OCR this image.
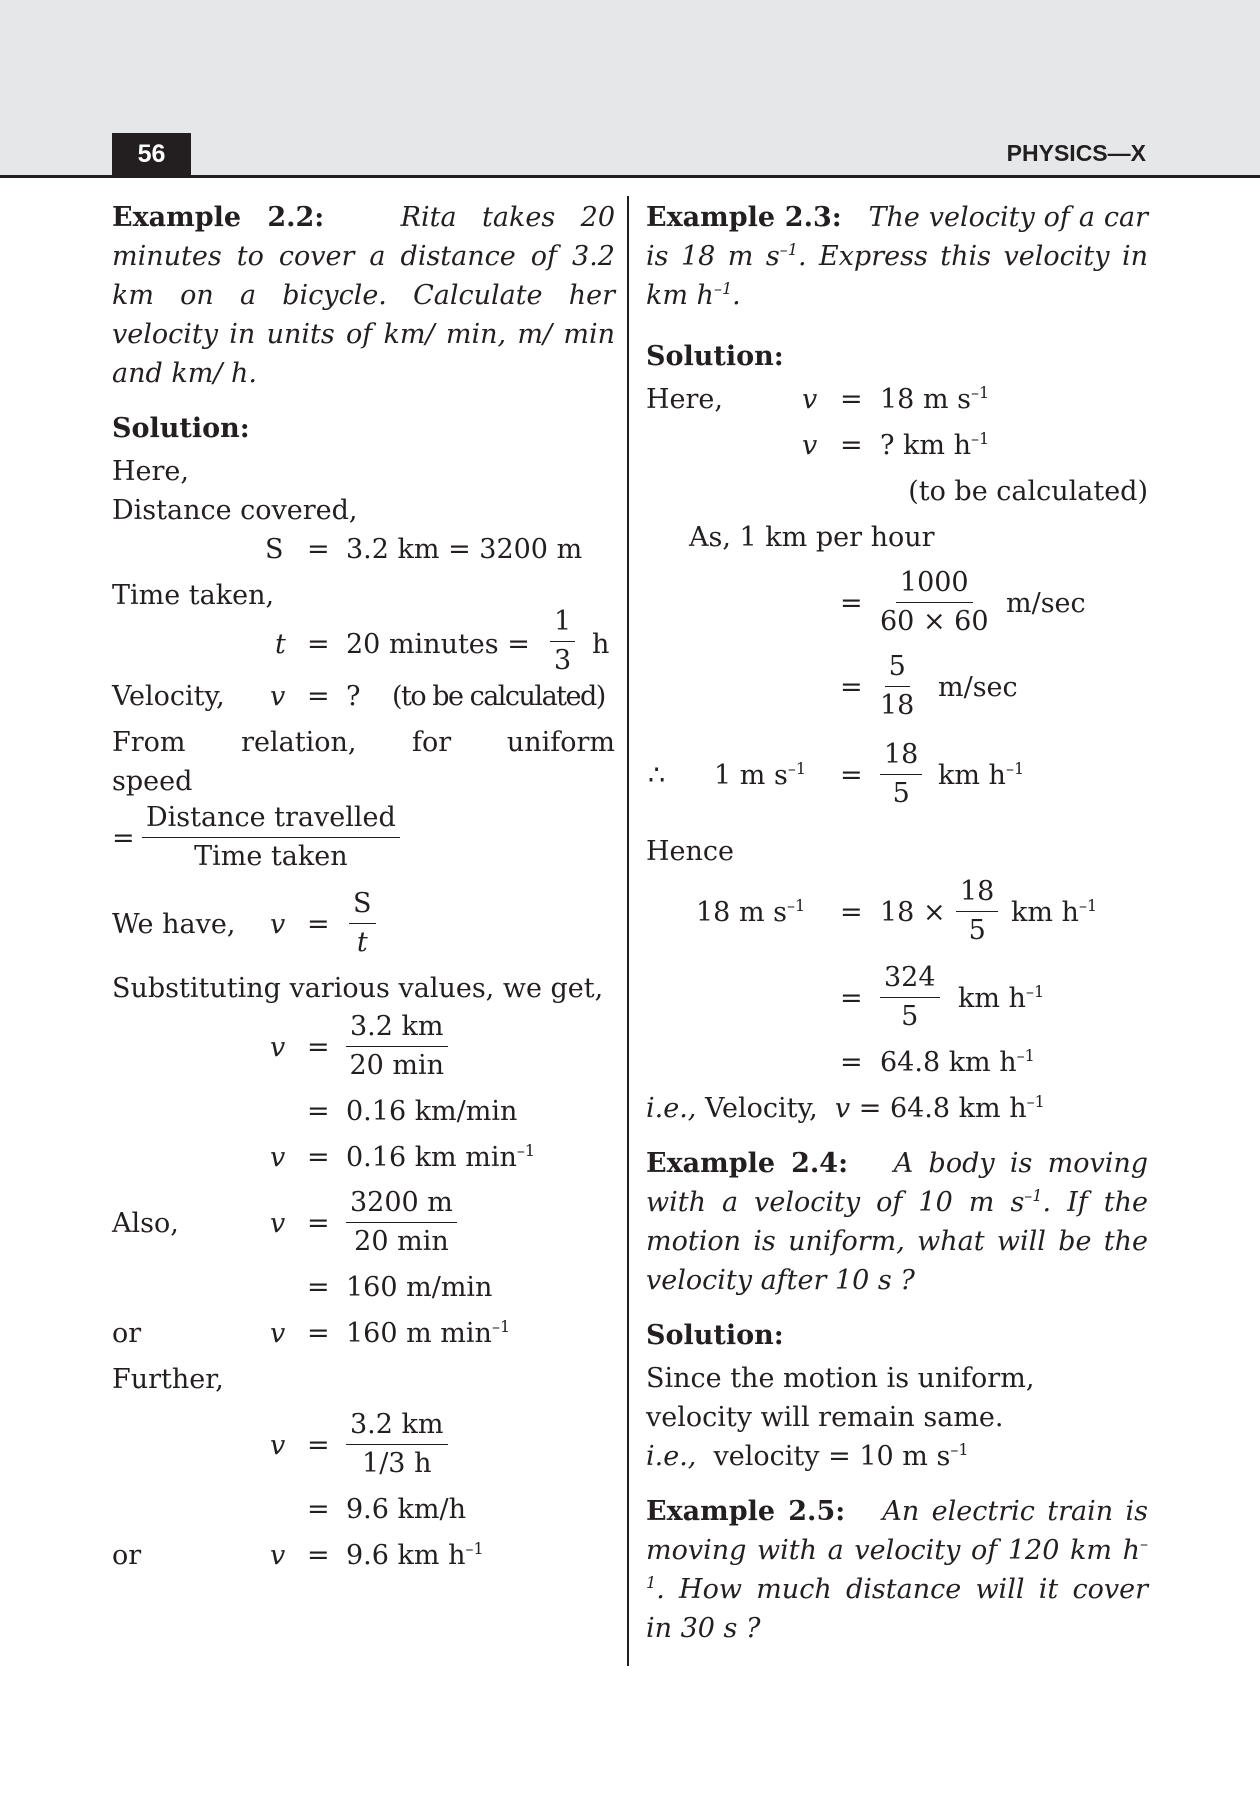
56	PHYSICS—X

Example 2.2:	Rita takes 20 minutes to cover a distance of 3.2 km on a bicycle. Calculate her velocity in units of km/ min, m/ min and km/ h.

Solution:

Here,

Distance covered,

S = 3.2 km = 3200 m

Time taken,

t = 20 minutes = $\frac{1}{3}$ h
Velocity, v = ? (to be calculated)

From relation, for uniform speed

=
Distance travelled
Time taken
We have, $v = \frac{S}{t}$

Substituting various values, we get,

v =
3.2 km
20 min
= 0.16 km/min
v = 0.16 km $\min^{-1}$
Also,	v =
3200 m
20 min
= 160 m/min
or	v = 160 m $\min^{-1}$
Further,
$v = \frac{3.2 km}{1/3 h}$
= 9.6 km/h
or	v = 9.6 km $h^{-1}$

Example 2.3: The velocity of a car is 18 m $s^{-1}$. Express this velocity in km $h^{-1}$.

Solution:

Here,	v = 18 m $s^{-1}$
v = ? km $h^{-1}$
(to be calculated)
As, 1 km per hour
= $\frac{1000}{60 \times 60} m/\sec$
= $\frac{5}{18} m/\sec$
∴ 1 m $s^{-1} = \frac{18}{5}$ km $h^{-1}$

Hence

18 m $s^{-1} = 18 \times \frac{18}{5}$ km $h^{-1}$
= $\frac{324}{5}$ km $h^{-1}$
= 64.8 km $h^{-1}$

i.e., Velocity, v = 64.8 km $h^{-1}$

Example 2.4: A body is moving with a velocity of 10 m $s^{-1}$. If the motion is uniform, what will be the velocity after 10 s ?

Solution:

Since the motion is uniform, velocity will remain same.

i.e., velocity = 10 m $s^{-1}$

Example 2.5: An electric train is moving with a velocity of 120 km $h^{-1}$. How much distance will it cover in 30 s ?
